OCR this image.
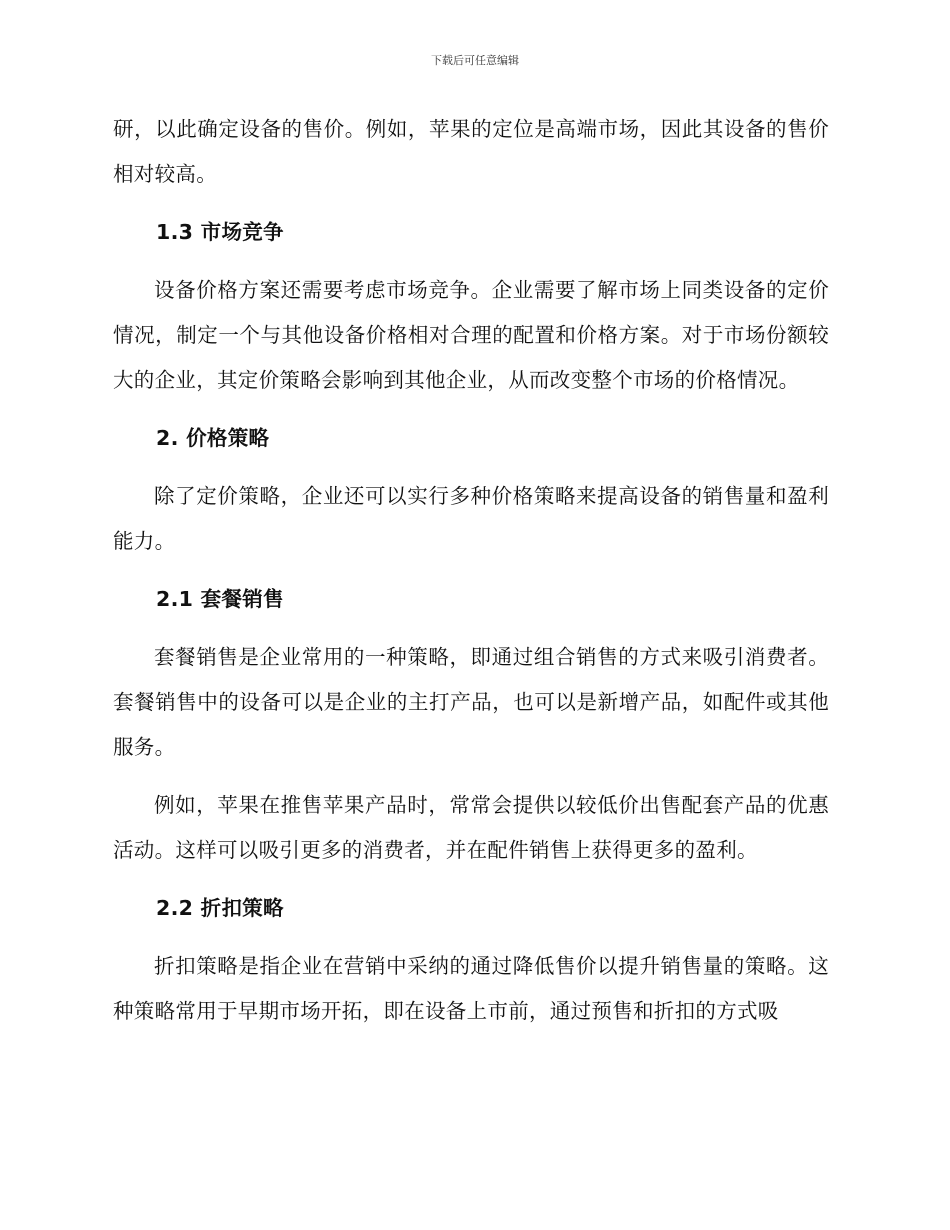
下载后可任意编辑

研，以此确定设备的售价。例如，苹果的定位是高端市场，因此其设备的售价相对较高。

1.3 市场竞争

设备价格方案还需要考虑市场竞争。企业需要了解市场上同类设备的定价情况，制定一个与其他设备价格相对合理的配置和价格方案。对于市场份额较大的企业，其定价策略会影响到其他企业，从而改变整个市场的价格情况。

2. 价格策略

除了定价策略，企业还可以实行多种价格策略来提高设备的销售量和盈利能力。

2.1 套餐销售

套餐销售是企业常用的一种策略，即通过组合销售的方式来吸引消费者。套餐销售中的设备可以是企业的主打产品，也可以是新增产品，如配件或其他服务。

例如，苹果在推售苹果产品时，常常会提供以较低价出售配套产品的优惠活动。这样可以吸引更多的消费者，并在配件销售上获得更多的盈利。

2.2 折扣策略

折扣策略是指企业在营销中采纳的通过降低售价以提升销售量的策略。这种策略常用于早期市场开拓，即在设备上市前，通过预售和折扣的方式吸
